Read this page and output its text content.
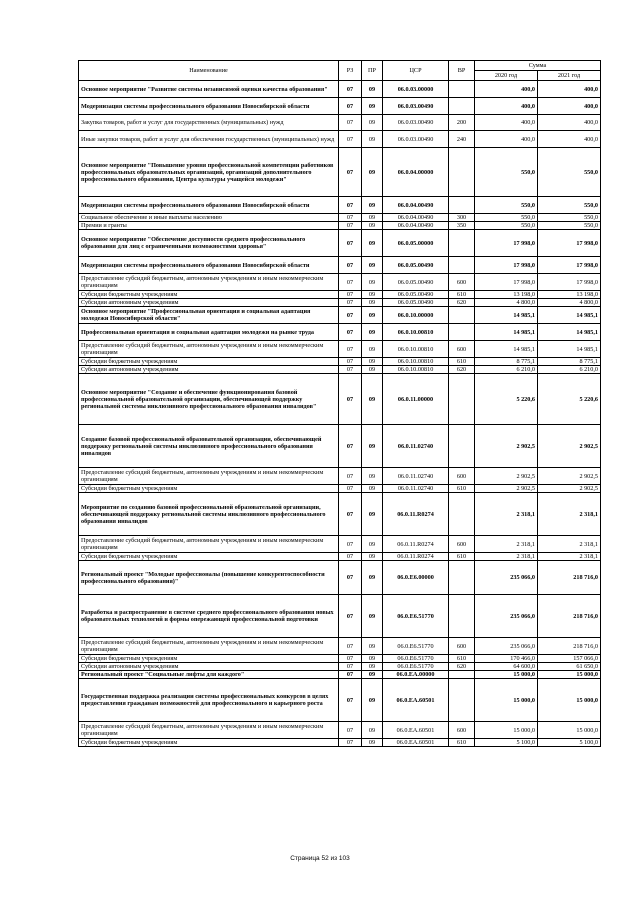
Наименование	РЗ	ПР	ЦСР	ВР	Сумма	
					2020 год	2021 год
Основное мероприятие "Развитие системы независимой оценки качества образования"	07	09	06.0.03.00000		400,0	400,0
Модернизация системы профессионального образования Новосибирской области	07	09	06.0.03.00490		400,0	400,0
Закупка товаров, работ и услуг для государственных (муниципальных) нужд	07	09	06.0.03.00490	200	400,0	400,0
Иные закупки товаров, работ и услуг для обеспечения государственных (муниципальных) нужд	07	09	06.0.03.00490	240	400,0	400,0
Основное мероприятие "Повышение уровня профессиональной компетенции работников профессиональных образовательных организаций, организаций дополнительного профессионального образования, Центра культуры учащейся молодежи"	07	09	06.0.04.00000		550,0	550,0
Модернизация системы профессионального образования Новосибирской области	07	09	06.0.04.00490		550,0	550,0
Социальное обеспечение и иные выплаты населению	07	09	06.0.04.00490	300	550,0	550,0
Премии и гранты	07	09	06.0.04.00490	350	550,0	550,0
Основное мероприятие "Обеспечение доступности среднего профессионального образования для лиц с ограниченными возможностями здоровья"	07	09	06.0.05.00000		17 998,0	17 998,0
Модернизация системы профессионального образования Новосибирской области	07	09	06.0.05.00490		17 998,0	17 998,0
Предоставление субсидий бюджетным, автономным учреждениям и иным некоммерческим организациям	07	09	06.0.05.00490	600	17 998,0	17 998,0
Субсидии бюджетным учреждениям	07	09	06.0.05.00490	610	13 198,0	13 198,0
Субсидии автономным учреждениям	07	09	06.0.05.00490	620	4 800,0	4 800,0
Основное мероприятие "Профессиональная ориентация и социальная адаптация молодежи Новосибирской области"	07	09	06.0.10.00000		14 985,1	14 985,1
Профессиональная ориентация и социальная адаптация молодежи на рынке труда	07	09	06.0.10.00810		14 985,1	14 985,1
Предоставление субсидий бюджетным, автономным учреждениям и иным некоммерческим организациям	07	09	06.0.10.00810	600	14 985,1	14 985,1
Субсидии бюджетным учреждениям	07	09	06.0.10.00810	610	8 775,1	8 775,1
Субсидии автономным учреждениям	07	09	06.0.10.00810	620	6 210,0	6 210,0
Основное мероприятие "Создание и обеспечение функционирования базовой профессиональной образовательной организации, обеспечивающей поддержку региональной системы инклюзивного профессионального образования инвалидов"	07	09	06.0.11.00000		5 220,6	5 220,6
Создание базовой профессиональной образовательной организации, обеспечивающей поддержку региональной системы инклюзивного профессионального образования инвалидов	07	09	06.0.11.02740		2 902,5	2 902,5
Предоставление субсидий бюджетным, автономным учреждениям и иным некоммерческим организациям	07	09	06.0.11.02740	600	2 902,5	2 902,5
Субсидии бюджетным учреждениям	07	09	06.0.11.02740	610	2 902,5	2 902,5
Мероприятие по созданию базовой профессиональной образовательной организации, обеспечивающей поддержку региональной системы инклюзивного профессионального образования инвалидов	07	09	06.0.11.R0274		2 318,1	2 318,1
Предоставление субсидий бюджетным, автономным учреждениям и иным некоммерческим организациям	07	09	06.0.11.R0274	600	2 318,1	2 318,1
Субсидии бюджетным учреждениям	07	09	06.0.11.R0274	610	2 318,1	2 318,1
Региональный проект "Молодые профессионалы (повышение конкурентоспособности профессионального образования)"	07	09	06.0.E6.00000		235 066,0	218 716,0
Разработка и распространение в системе среднего профессионального образования новых образовательных технологий и формы опережающей профессиональной подготовки	07	09	06.0.E6.51770		235 066,0	218 716,0
Предоставление субсидий бюджетным, автономным учреждениям и иным некоммерческим организациям	07	09	06.0.E6.51770	600	235 066,0	218 716,0
Субсидии бюджетным учреждениям	07	09	06.0.E6.51770	610	170 466,0	157 066,0
Субсидии автономным учреждениям	07	09	06.0.E6.51770	620	64 600,0	61 650,0
Региональный проект "Социальные лифты для каждого"	07	09	06.0.EA.00000		15 000,0	15 000,0
Государственная поддержка реализации системы профессиональных конкурсов в целях предоставления гражданам возможностей для профессионального и карьерного роста	07	09	06.0.EA.60501		15 000,0	15 000,0
Предоставление субсидий бюджетным, автономным учреждениям и иным некоммерческим организациям	07	09	06.0.EA.60501	600	15 000,0	15 000,0
Субсидии бюджетным учреждениям	07	09	06.0.EA.60501	610	5 100,0	5 100,0
Страница 52 из 103
